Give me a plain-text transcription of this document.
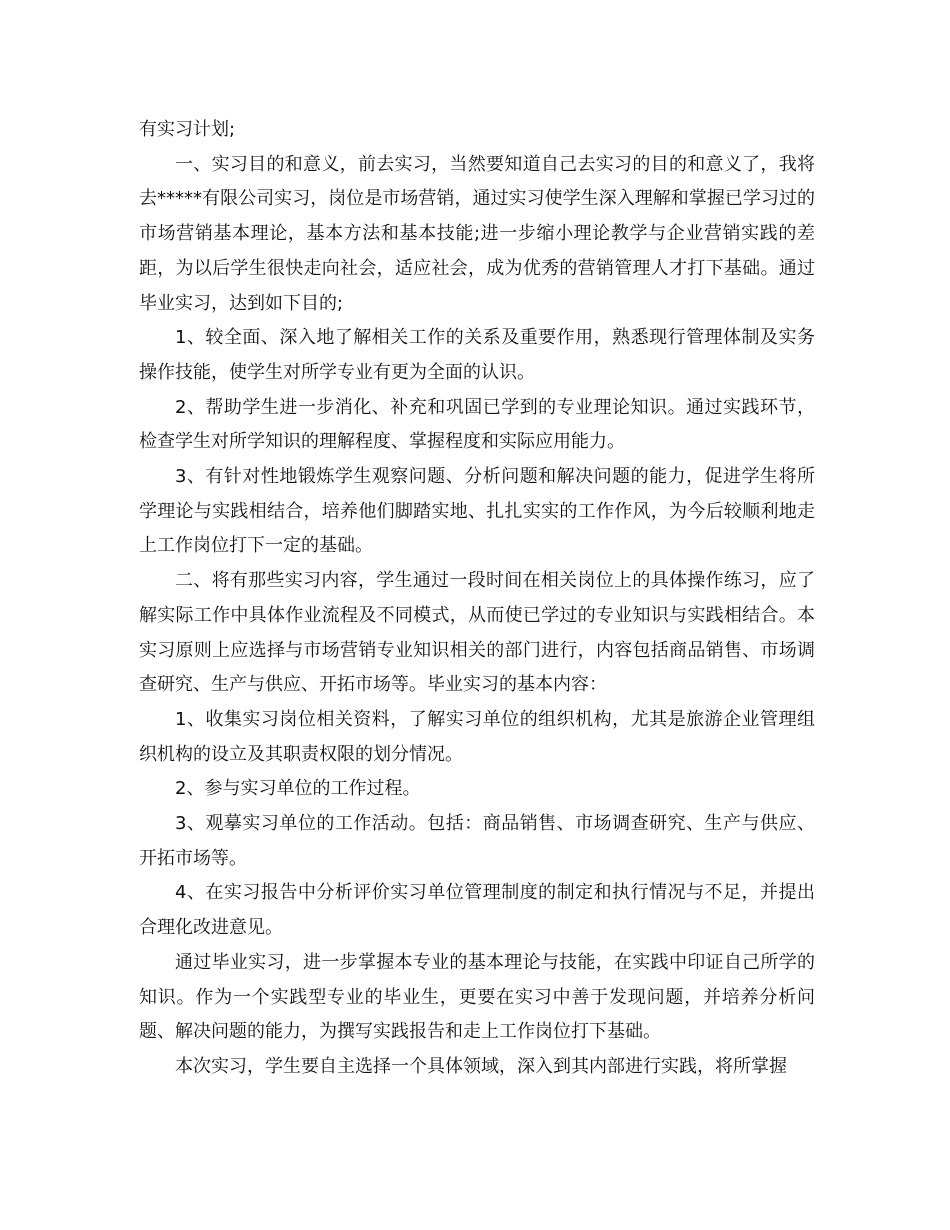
有实习计划;

一、实习目的和意义，前去实习，当然要知道自己去实习的目的和意义了，我将去*****有限公司实习，岗位是市场营销，通过实习使学生深入理解和掌握已学习过的市场营销基本理论，基本方法和基本技能;进一步缩小理论教学与企业营销实践的差距，为以后学生很快走向社会，适应社会，成为优秀的营销管理人才打下基础。通过毕业实习，达到如下目的;

1、较全面、深入地了解相关工作的关系及重要作用，熟悉现行管理体制及实务操作技能，使学生对所学专业有更为全面的认识。

2、帮助学生进一步消化、补充和巩固已学到的专业理论知识。通过实践环节，检查学生对所学知识的理解程度、掌握程度和实际应用能力。

3、有针对性地锻炼学生观察问题、分析问题和解决问题的能力，促进学生将所学理论与实践相结合，培养他们脚踏实地、扎扎实实的工作作风，为今后较顺利地走上工作岗位打下一定的基础。

二、将有那些实习内容，学生通过一段时间在相关岗位上的具体操作练习，应了解实际工作中具体作业流程及不同模式，从而使已学过的专业知识与实践相结合。本实习原则上应选择与市场营销专业知识相关的部门进行，内容包括商品销售、市场调查研究、生产与供应、开拓市场等。毕业实习的基本内容：

1、收集实习岗位相关资料，了解实习单位的组织机构，尤其是旅游企业管理组织机构的设立及其职责权限的划分情况。

2、参与实习单位的工作过程。

3、观摹实习单位的工作活动。包括：商品销售、市场调查研究、生产与供应、开拓市场等。

4、在实习报告中分析评价实习单位管理制度的制定和执行情况与不足，并提出合理化改进意见。

通过毕业实习，进一步掌握本专业的基本理论与技能，在实践中印证自己所学的知识。作为一个实践型专业的毕业生，更要在实习中善于发现问题，并培养分析问题、解决问题的能力，为撰写实践报告和走上工作岗位打下基础。

本次实习，学生要自主选择一个具体领域，深入到其内部进行实践，将所掌握
